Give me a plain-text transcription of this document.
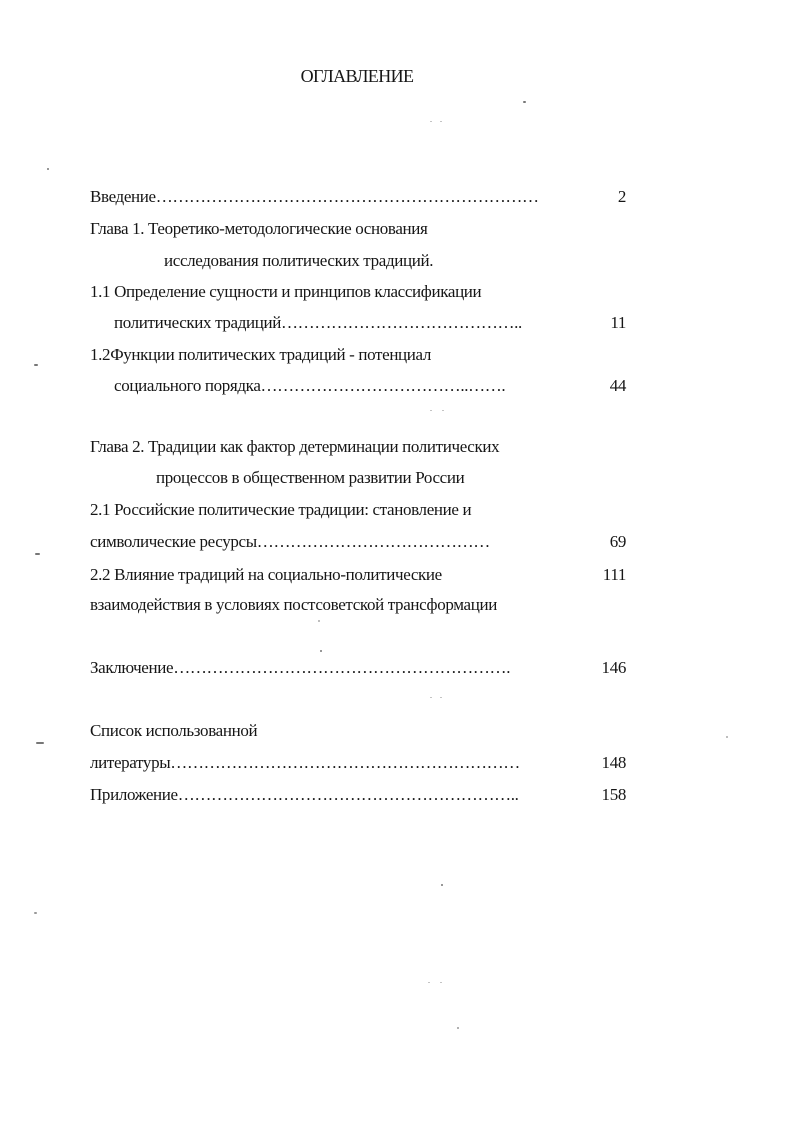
ОГЛАВЛЕНИЕ
Введение……………………………………………………………	2
Глава 1. Теоретико-методологические основания
исследования политических традиций.
1.1 Определение сущности и принципов классификации
политических традиций……………………………………..	11
1.2Функции политических традиций - потенциал
социального порядка………………………………..…….	44
Глава 2. Традиции как фактор детерминации политических
процессов в общественном развитии России
2.1 Российские политические традиции: становление и
символические ресурсы……………………………………	69
2.2 Влияние традиций на социально-политические	111
взаимодействия в условиях постсоветской трансформации
Заключение…………………………………………………….	146
Список использованной
литературы………………………………………………………	148
Приложение……………………………………………………..	158
